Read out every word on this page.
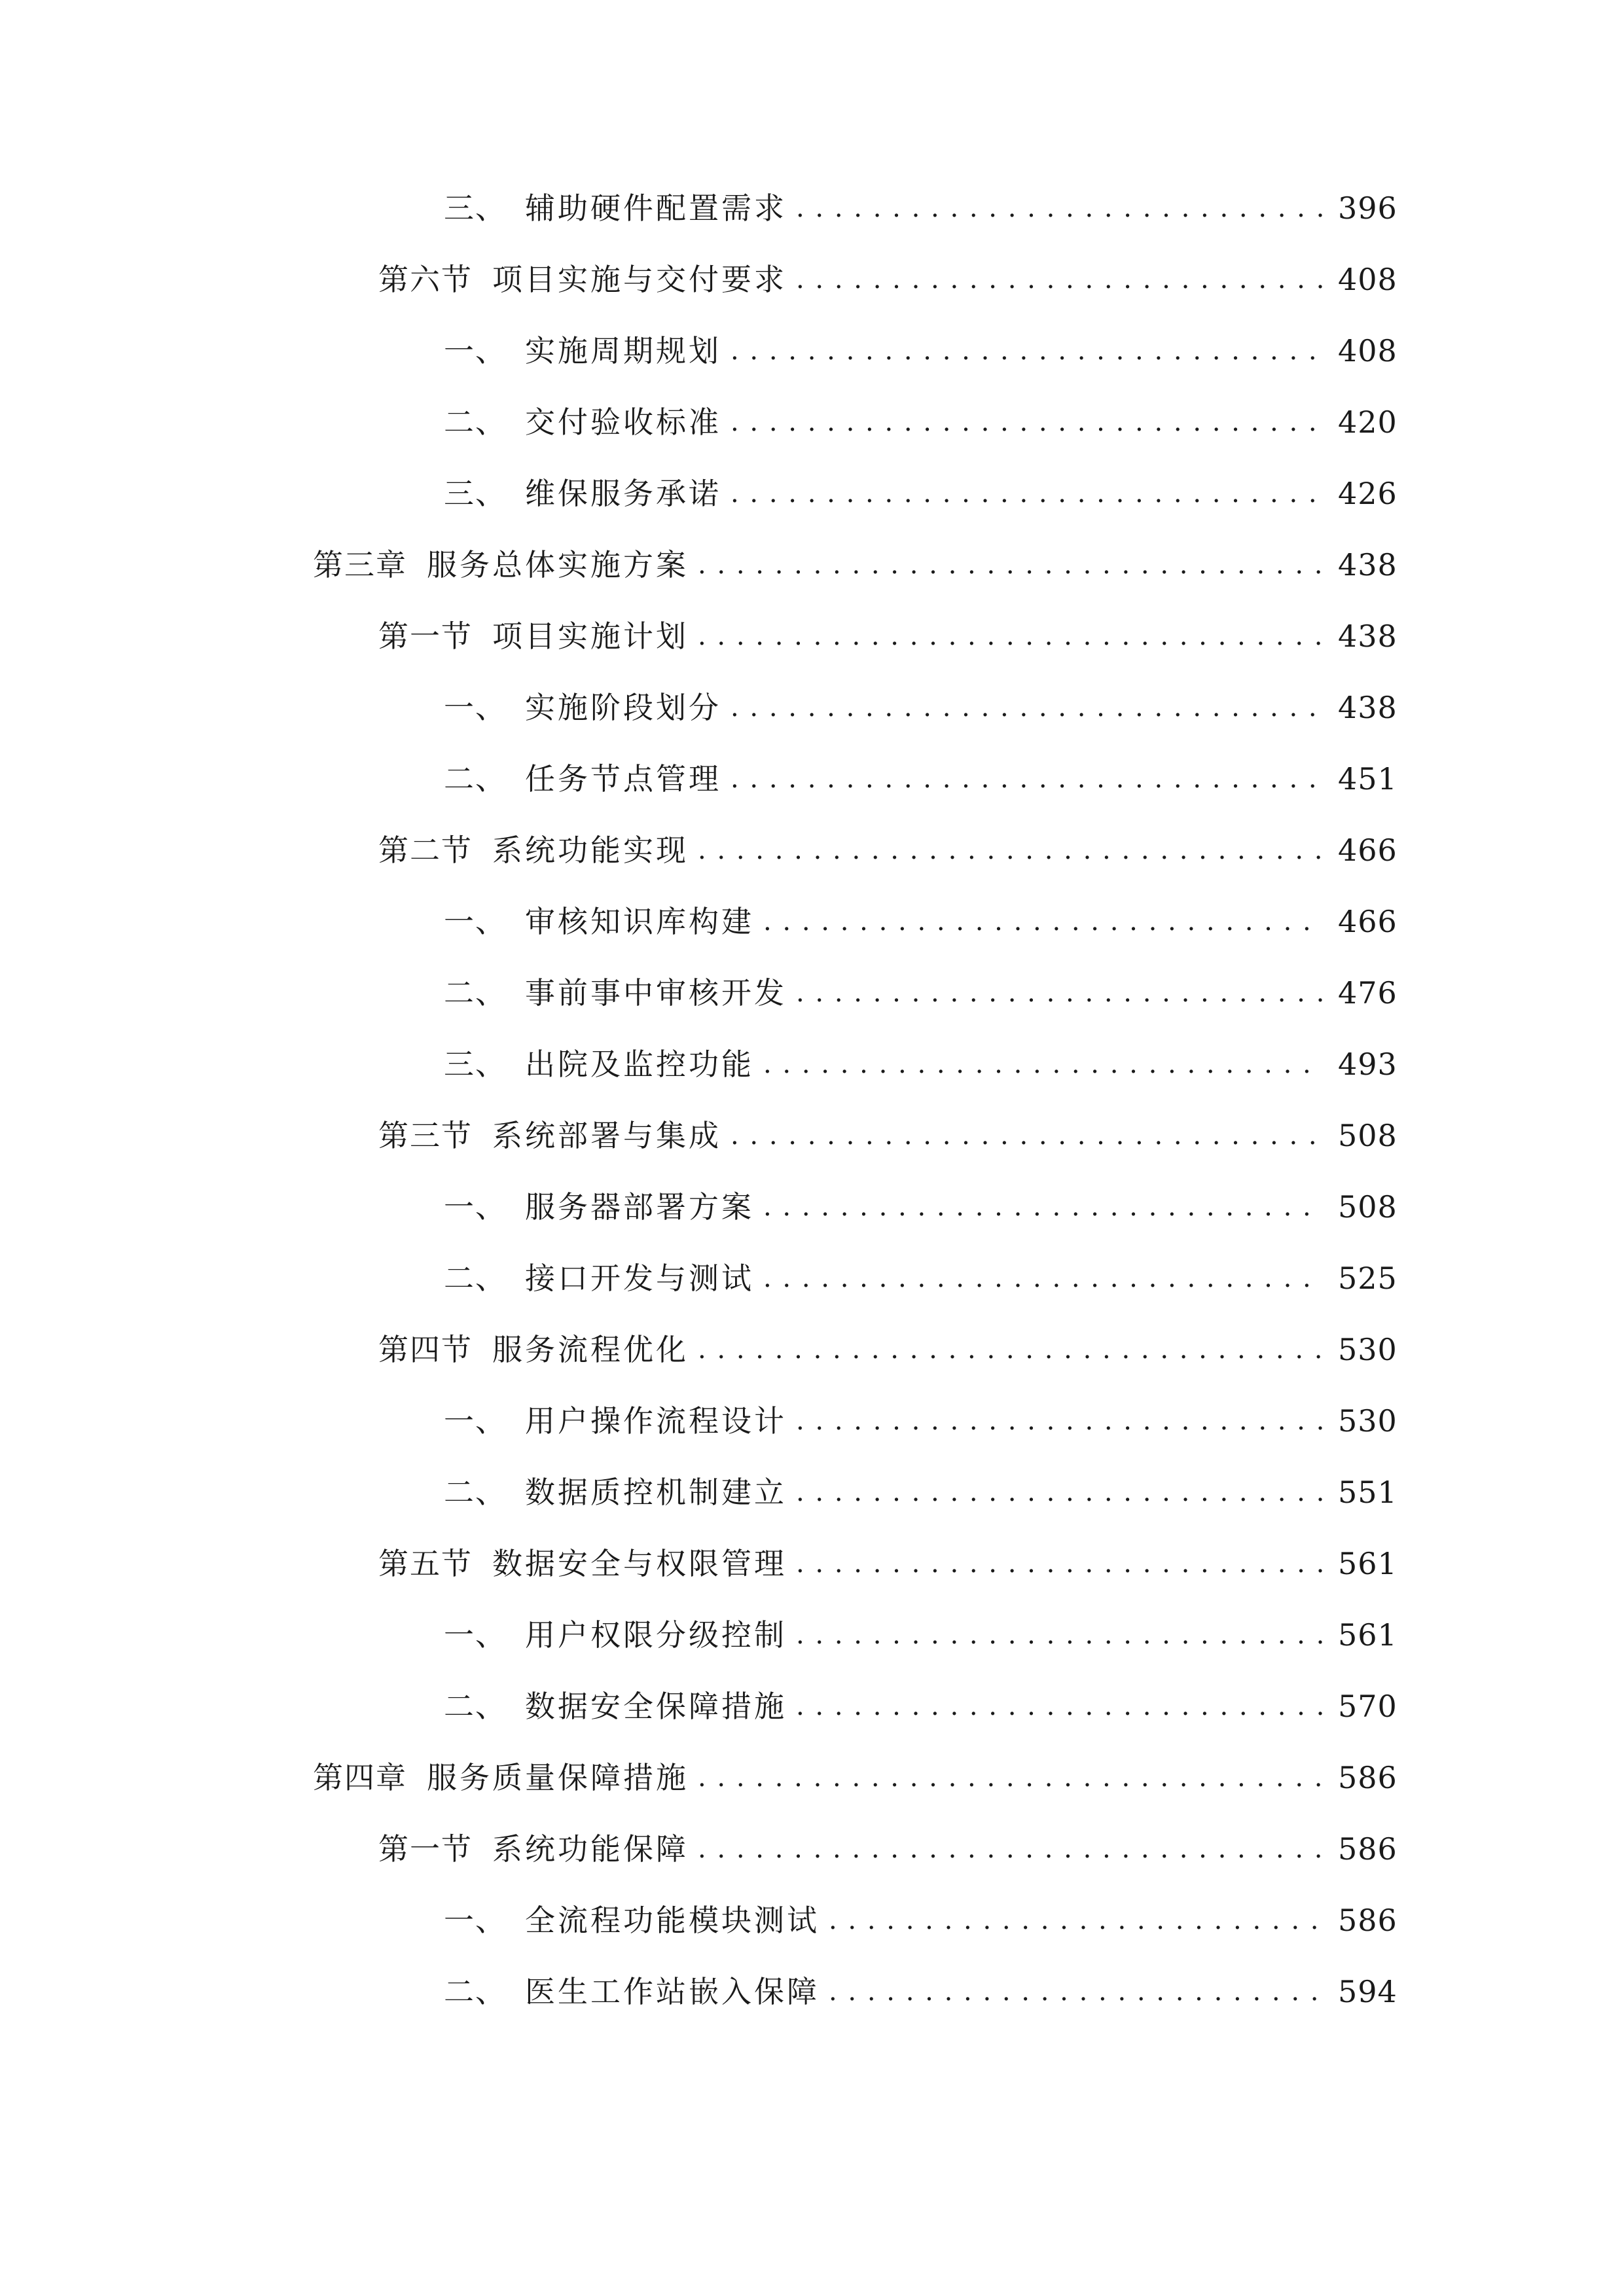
三、 辅助硬件配置需求 . . .	396
第六节 项目实施与交付要求 . . .	408
一、 实施周期规划 . . .	408
二、 交付验收标准 . . .	420
三、 维保服务承诺 . . .	426
第三章 服务总体实施方案 . . .	438
第一节 项目实施计划 . . .	438
一、 实施阶段划分 . . .	438
二、 任务节点管理 . . .	451
第二节 系统功能实现 . . .	466
一、 审核知识库构建 . . .	466
二、 事前事中审核开发 . . .	476
三、 出院及监控功能 . . .	493
第三节 系统部署与集成 . . .	508
一、 服务器部署方案 . . .	508
二、 接口开发与测试 . . .	525
第四节 服务流程优化 . . .	530
一、 用户操作流程设计 . . .	530
二、 数据质控机制建立 . . .	551
第五节 数据安全与权限管理 . . .	561
一、 用户权限分级控制 . . .	561
二、 数据安全保障措施 . . .	570
第四章 服务质量保障措施 . . .	586
第一节 系统功能保障 . . .	586
一、 全流程功能模块测试 . . .	586
二、 医生工作站嵌入保障 . . .	594
